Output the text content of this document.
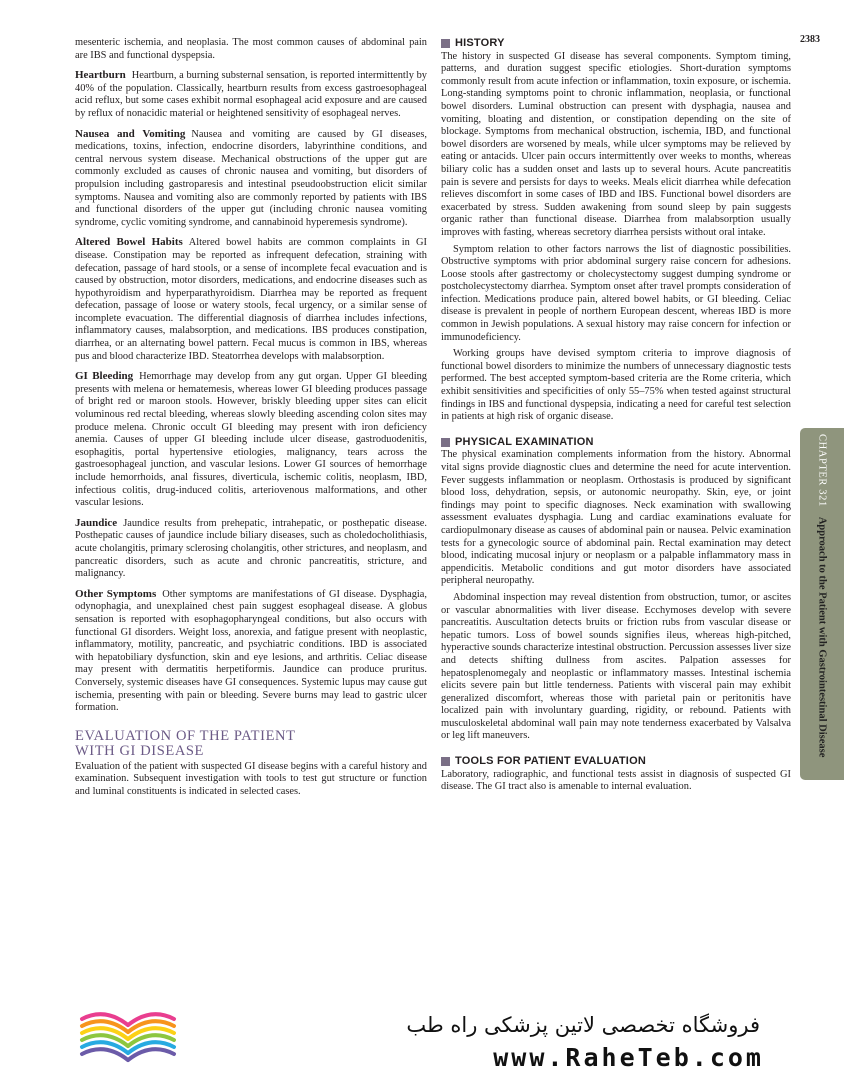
2383

mesenteric ischemia, and neoplasia. The most common causes of abdominal pain are IBS and functional dyspepsia.

Heartburn Heartburn, a burning substernal sensation, is reported intermittently by 40% of the population. Classically, heartburn results from excess gastroesophageal acid reflux, but some cases exhibit normal esophageal acid exposure and are caused by reflux of nonacidic material or heightened sensitivity of esophageal nerves.

Nausea and Vomiting Nausea and vomiting are caused by GI diseases, medications, toxins, infection, endocrine disorders, labyrinthine conditions, and central nervous system disease. Mechanical obstructions of the upper gut are commonly excluded as causes of chronic nausea and vomiting, but disorders of propulsion including gastroparesis and intestinal pseudoobstruction elicit similar symptoms. Nausea and vomiting also are commonly reported by patients with IBS and functional disorders of the upper gut (including chronic nausea vomiting syndrome, cyclic vomiting syndrome, and cannabinoid hyperemesis syndrome).

Altered Bowel Habits Altered bowel habits are common complaints in GI disease. Constipation may be reported as infrequent defecation, straining with defecation, passage of hard stools, or a sense of incomplete fecal evacuation and is caused by obstruction, motor disorders, medications, and endocrine diseases such as hypothyroidism and hyperparathyroidism. Diarrhea may be reported as frequent defecation, passage of loose or watery stools, fecal urgency, or a similar sense of incomplete evacuation. The differential diagnosis of diarrhea includes infections, inflammatory causes, malabsorption, and medications. IBS produces constipation, diarrhea, or an alternating bowel pattern. Fecal mucus is common in IBS, whereas pus and blood characterize IBD. Steatorrhea develops with malabsorption.

GI Bleeding Hemorrhage may develop from any gut organ. Upper GI bleeding presents with melena or hematemesis, whereas lower GI bleeding produces passage of bright red or maroon stools. However, briskly bleeding upper sites can elicit voluminous red rectal bleeding, whereas slowly bleeding ascending colon sites may produce melena. Chronic occult GI bleeding may present with iron deficiency anemia. Causes of upper GI bleeding include ulcer disease, gastroduodenitis, esophagitis, portal hypertensive etiologies, malignancy, tears across the gastroesophageal junction, and vascular lesions. Lower GI sources of hemorrhage include hemorrhoids, anal fissures, diverticula, ischemic colitis, neoplasm, IBD, infectious colitis, drug-induced colitis, arteriovenous malformations, and other vascular lesions.

Jaundice Jaundice results from prehepatic, intrahepatic, or posthepatic disease. Posthepatic causes of jaundice include biliary diseases, such as choledocholithiasis, acute cholangitis, primary sclerosing cholangitis, other strictures, and neoplasm, and pancreatic disorders, such as acute and chronic pancreatitis, stricture, and malignancy.

Other Symptoms Other symptoms are manifestations of GI disease. Dysphagia, odynophagia, and unexplained chest pain suggest esophageal disease. A globus sensation is reported with esophagopharyngeal conditions, but also occurs with functional GI disorders. Weight loss, anorexia, and fatigue present with neoplastic, inflammatory, motility, pancreatic, and psychiatric conditions. IBD is associated with hepatobiliary dysfunction, skin and eye lesions, and arthritis. Celiac disease may present with dermatitis herpetiformis. Jaundice can produce pruritus. Conversely, systemic diseases have GI consequences. Systemic lupus may cause gut ischemia, presenting with pain or bleeding. Severe burns may lead to gastric ulcer formation.

EVALUATION OF THE PATIENT
WITH GI DISEASE

Evaluation of the patient with suspected GI disease begins with a careful history and examination. Subsequent investigation with tools to test gut structure or function and luminal constituents is indicated in selected cases.

HISTORY

The history in suspected GI disease has several components. Symptom timing, patterns, and duration suggest specific etiologies. Short-duration symptoms commonly result from acute infection or inflammation, toxin exposure, or ischemia. Long-standing symptoms point to chronic inflammation, neoplasia, or functional bowel disorders. Luminal obstruction can present with dysphagia, nausea and vomiting, bloating and distention, or constipation depending on the site of blockage. Symptoms from mechanical obstruction, ischemia, IBD, and functional bowel disorders are worsened by meals, while ulcer symptoms may be relieved by eating or antacids. Ulcer pain occurs intermittently over weeks to months, whereas biliary colic has a sudden onset and lasts up to several hours. Acute pancreatitis pain is severe and persists for days to weeks. Meals elicit diarrhea while defecation relieves discomfort in some cases of IBD and IBS. Functional bowel disorders are exacerbated by stress. Sudden awakening from sound sleep by pain suggests organic rather than functional disease. Diarrhea from malabsorption usually improves with fasting, whereas secretory diarrhea persists without oral intake.

Symptom relation to other factors narrows the list of diagnostic possibilities. Obstructive symptoms with prior abdominal surgery raise concern for adhesions. Loose stools after gastrectomy or cholecystectomy suggest dumping syndrome or postcholecystectomy diarrhea. Symptom onset after travel prompts consideration of infection. Medications produce pain, altered bowel habits, or GI bleeding. Celiac disease is prevalent in people of northern European descent, whereas IBD is more common in Jewish populations. A sexual history may raise concern for infection or immunodeficiency.

Working groups have devised symptom criteria to improve diagnosis of functional bowel disorders to minimize the numbers of unnecessary diagnostic tests performed. The best accepted symptom-based criteria are the Rome criteria, which exhibit sensitivities and specificities of only 55–75% when tested against structural findings in IBS and functional dyspepsia, indicating a need for careful test selection in patients at high risk of organic disease.

PHYSICAL EXAMINATION

The physical examination complements information from the history. Abnormal vital signs provide diagnostic clues and determine the need for acute intervention. Fever suggests inflammation or neoplasm. Orthostasis is produced by significant blood loss, dehydration, sepsis, or autonomic neuropathy. Skin, eye, or joint findings may point to specific diagnoses. Neck examination with swallowing assessment evaluates dysphagia. Lung and cardiac examinations evaluate for cardiopulmonary disease as causes of abdominal pain or nausea. Pelvic examination tests for a gynecologic source of abdominal pain. Rectal examination may detect blood, indicating mucosal injury or neoplasm or a palpable inflammatory mass in appendicitis. Metabolic conditions and gut motor disorders have associated peripheral neuropathy.

Abdominal inspection may reveal distention from obstruction, tumor, or ascites or vascular abnormalities with liver disease. Ecchymoses develop with severe pancreatitis. Auscultation detects bruits or friction rubs from vascular disease or hepatic tumors. Loss of bowel sounds signifies ileus, whereas high-pitched, hyperactive sounds characterize intestinal obstruction. Percussion assesses liver size and detects shifting dullness from ascites. Palpation assesses for hepatosplenomegaly and neoplastic or inflammatory masses. Intestinal ischemia elicits severe pain but little tenderness. Patients with visceral pain may exhibit generalized discomfort, whereas those with parietal pain or peritonitis have localized pain with involuntary guarding, rigidity, or rebound. Patients with musculoskeletal abdominal wall pain may note tenderness exacerbated by Valsalva or leg lift maneuvers.

TOOLS FOR PATIENT EVALUATION

Laboratory, radiographic, and functional tests assist in diagnosis of suspected GI disease. The GI tract also is amenable to internal evaluation.

CHAPTER 321Approach to the Patient with Gastrointestinal Disease
فروشگاه تخصصی لاتین پزشکی راه طب
www.RaheTeb.com
